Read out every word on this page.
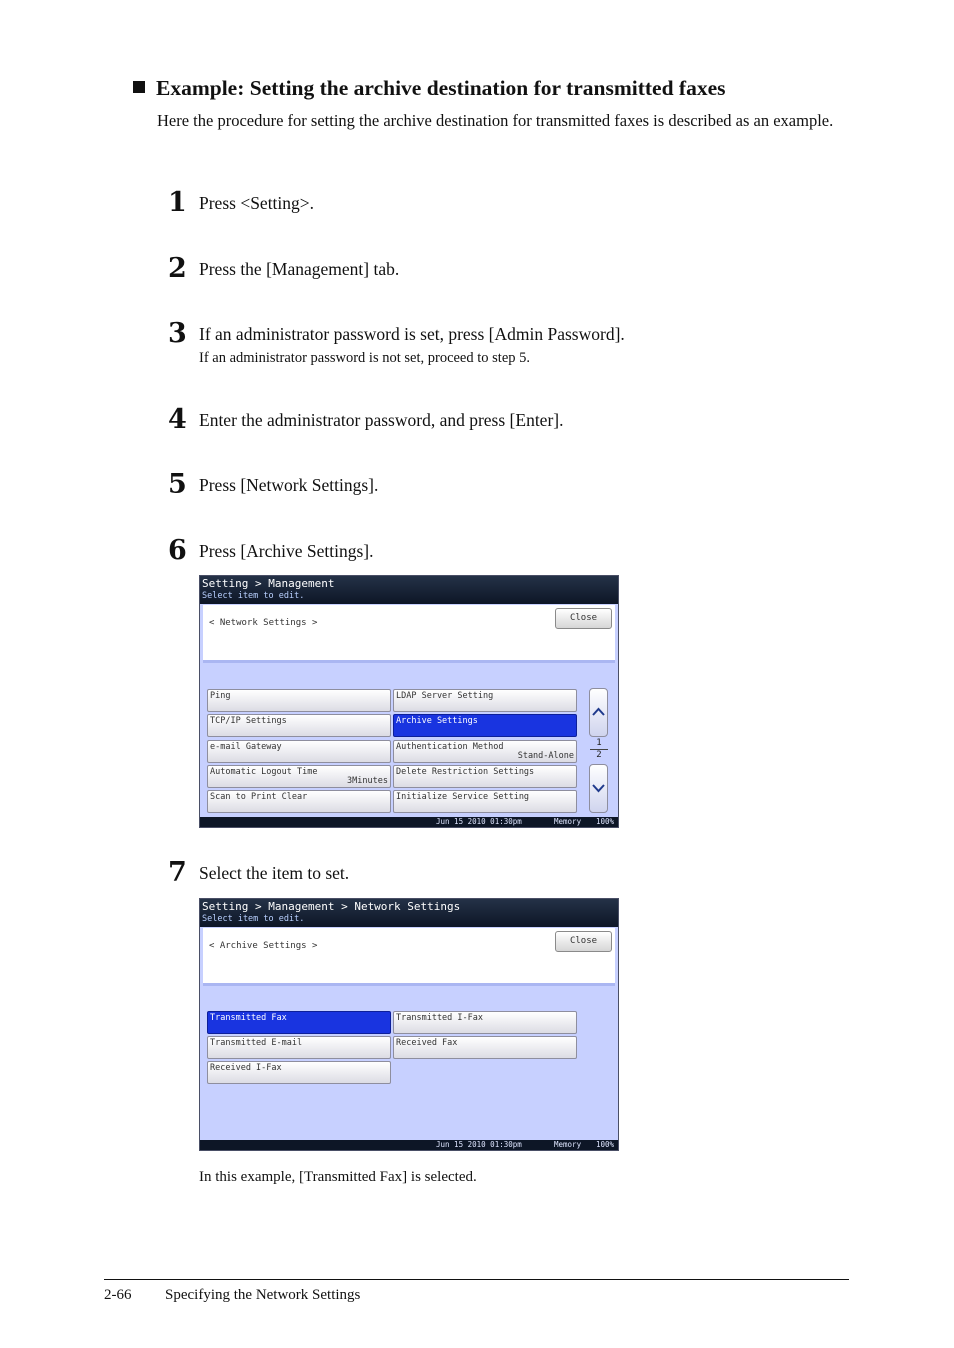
Example: Setting the archive destination for transmitted faxes
Here the procedure for setting the archive destination for transmitted faxes is described as an example.
1 Press <Setting>.
2 Press the [Management] tab.
3 If an administrator password is set, press [Admin Password].
If an administrator password is not set, proceed to step 5.
4 Enter the administrator password, and press [Enter].
5 Press [Network Settings].
6 Press [Archive Settings].
Setting > Management
Select item to edit.
< Network Settings >	Close
Ping	LDAP Server Setting
TCP/IP Settings	Archive Settings
e-mail Gateway	Authentication Method
Stand-Alone
Automatic Logout Time
3Minutes
Delete Restriction Settings
Scan to Print Clear	Initialize Service Setting
1
2
Jun 15 2010 01:30pm	Memory 100%
7 Select the item to set.
Setting > Management > Network Settings
Select item to edit.
< Archive Settings >	Close
Transmitted Fax	Transmitted I-Fax
Transmitted E-mail	Received Fax
Received I-Fax
Jun 15 2010 01:30pm	Memory 100%
In this example, [Transmitted Fax] is selected.
2-66 Specifying the Network Settings
